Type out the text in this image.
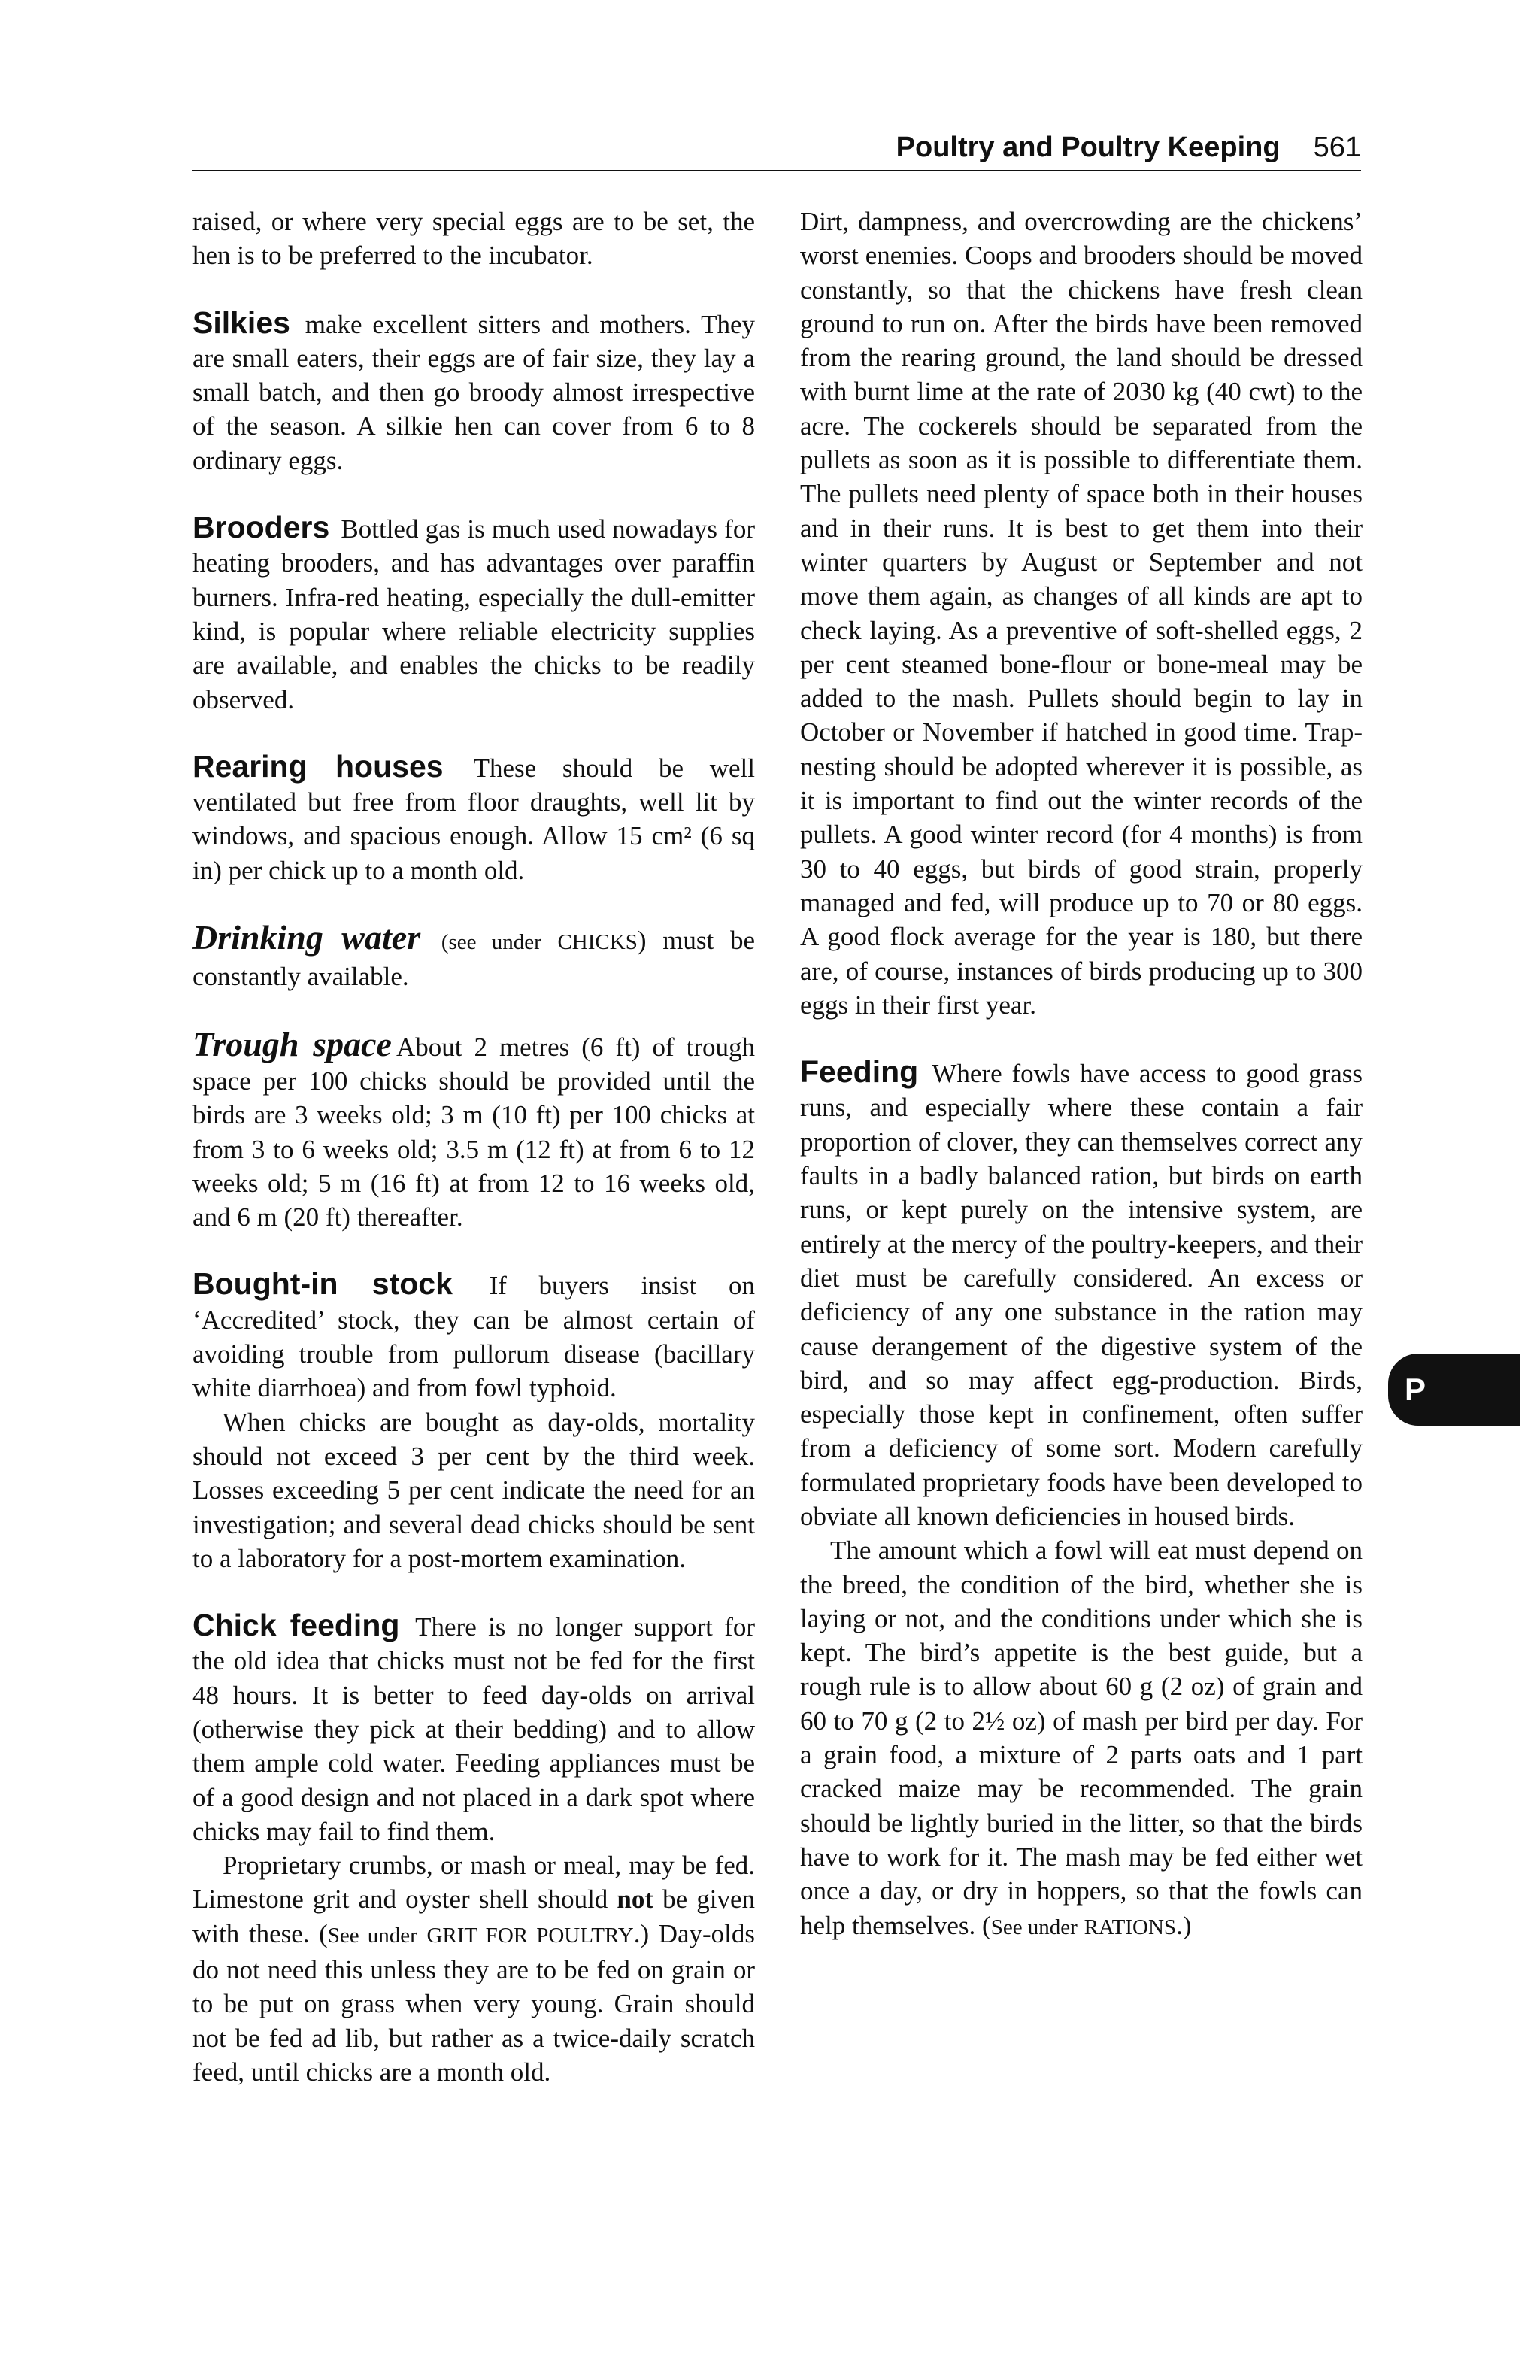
Poultry and Poultry Keeping 561

raised, or where very special eggs are to be set, the hen is to be preferred to the incubator.

Silkies make excellent sitters and mothers. They are small eaters, their eggs are of fair size, they lay a small batch, and then go broody almost irrespective of the season. A silkie hen can cover from 6 to 8 ordinary eggs.

Brooders Bottled gas is much used nowadays for heating brooders, and has advantages over paraffin burners. Infra-red heating, especially the dull-emitter kind, is popular where reliable electricity supplies are available, and enables the chicks to be readily observed.

Rearing houses These should be well ventilated but free from floor draughts, well lit by windows, and spacious enough. Allow 15 cm² (6 sq in) per chick up to a month old.

Drinking water (see under CHICKS) must be constantly available.

Trough space About 2 metres (6 ft) of trough space per 100 chicks should be provided until the birds are 3 weeks old; 3 m (10 ft) per 100 chicks at from 3 to 6 weeks old; 3.5 m (12 ft) at from 6 to 12 weeks old; 5 m (16 ft) at from 12 to 16 weeks old, and 6 m (20 ft) thereafter.

Bought-in stock If buyers insist on ‘Accredited’ stock, they can be almost certain of avoiding trouble from pullorum disease (bacillary white diarrhoea) and from fowl typhoid.

When chicks are bought as day-olds, mortality should not exceed 3 per cent by the third week. Losses exceeding 5 per cent indicate the need for an investigation; and several dead chicks should be sent to a laboratory for a post-mortem examination.

Chick feeding There is no longer support for the old idea that chicks must not be fed for the first 48 hours. It is better to feed day-olds on arrival (otherwise they pick at their bedding) and to allow them ample cold water. Feeding appliances must be of a good design and not placed in a dark spot where chicks may fail to find them.

Proprietary crumbs, or mash or meal, may be fed. Limestone grit and oyster shell should not be given with these. (See under GRIT FOR POULTRY.) Day-olds do not need this unless they are to be fed on grain or to be put on grass when very young. Grain should not be fed ad lib, but rather as a twice-daily scratch feed, until chicks are a month old.

Dirt, dampness, and overcrowding are the chickens’ worst enemies. Coops and brooders should be moved constantly, so that the chickens have fresh clean ground to run on. After the birds have been removed from the rearing ground, the land should be dressed with burnt lime at the rate of 2030 kg (40 cwt) to the acre. The cockerels should be separated from the pullets as soon as it is possible to differentiate them. The pullets need plenty of space both in their houses and in their runs. It is best to get them into their winter quarters by August or September and not move them again, as changes of all kinds are apt to check laying. As a preventive of soft-shelled eggs, 2 per cent steamed bone-flour or bone-meal may be added to the mash. Pullets should begin to lay in October or November if hatched in good time. Trap-nesting should be adopted wherever it is possible, as it is important to find out the winter records of the pullets. A good winter record (for 4 months) is from 30 to 40 eggs, but birds of good strain, properly managed and fed, will produce up to 70 or 80 eggs. A good flock average for the year is 180, but there are, of course, instances of birds producing up to 300 eggs in their first year.

Feeding Where fowls have access to good grass runs, and especially where these contain a fair proportion of clover, they can themselves correct any faults in a badly balanced ration, but birds on earth runs, or kept purely on the intensive system, are entirely at the mercy of the poultry-keepers, and their diet must be carefully considered. An excess or deficiency of any one substance in the ration may cause derangement of the digestive system of the bird, and so may affect egg-production. Birds, especially those kept in confinement, often suffer from a deficiency of some sort. Modern carefully formulated proprietary foods have been developed to obviate all known deficiencies in housed birds.

The amount which a fowl will eat must depend on the breed, the condition of the bird, whether she is laying or not, and the conditions under which she is kept. The bird’s appetite is the best guide, but a rough rule is to allow about 60 g (2 oz) of grain and 60 to 70 g (2 to 2½ oz) of mash per bird per day. For a grain food, a mixture of 2 parts oats and 1 part cracked maize may be recommended. The grain should be lightly buried in the litter, so that the birds have to work for it. The mash may be fed either wet once a day, or dry in hoppers, so that the fowls can help themselves. (See under RATIONS.)

P
